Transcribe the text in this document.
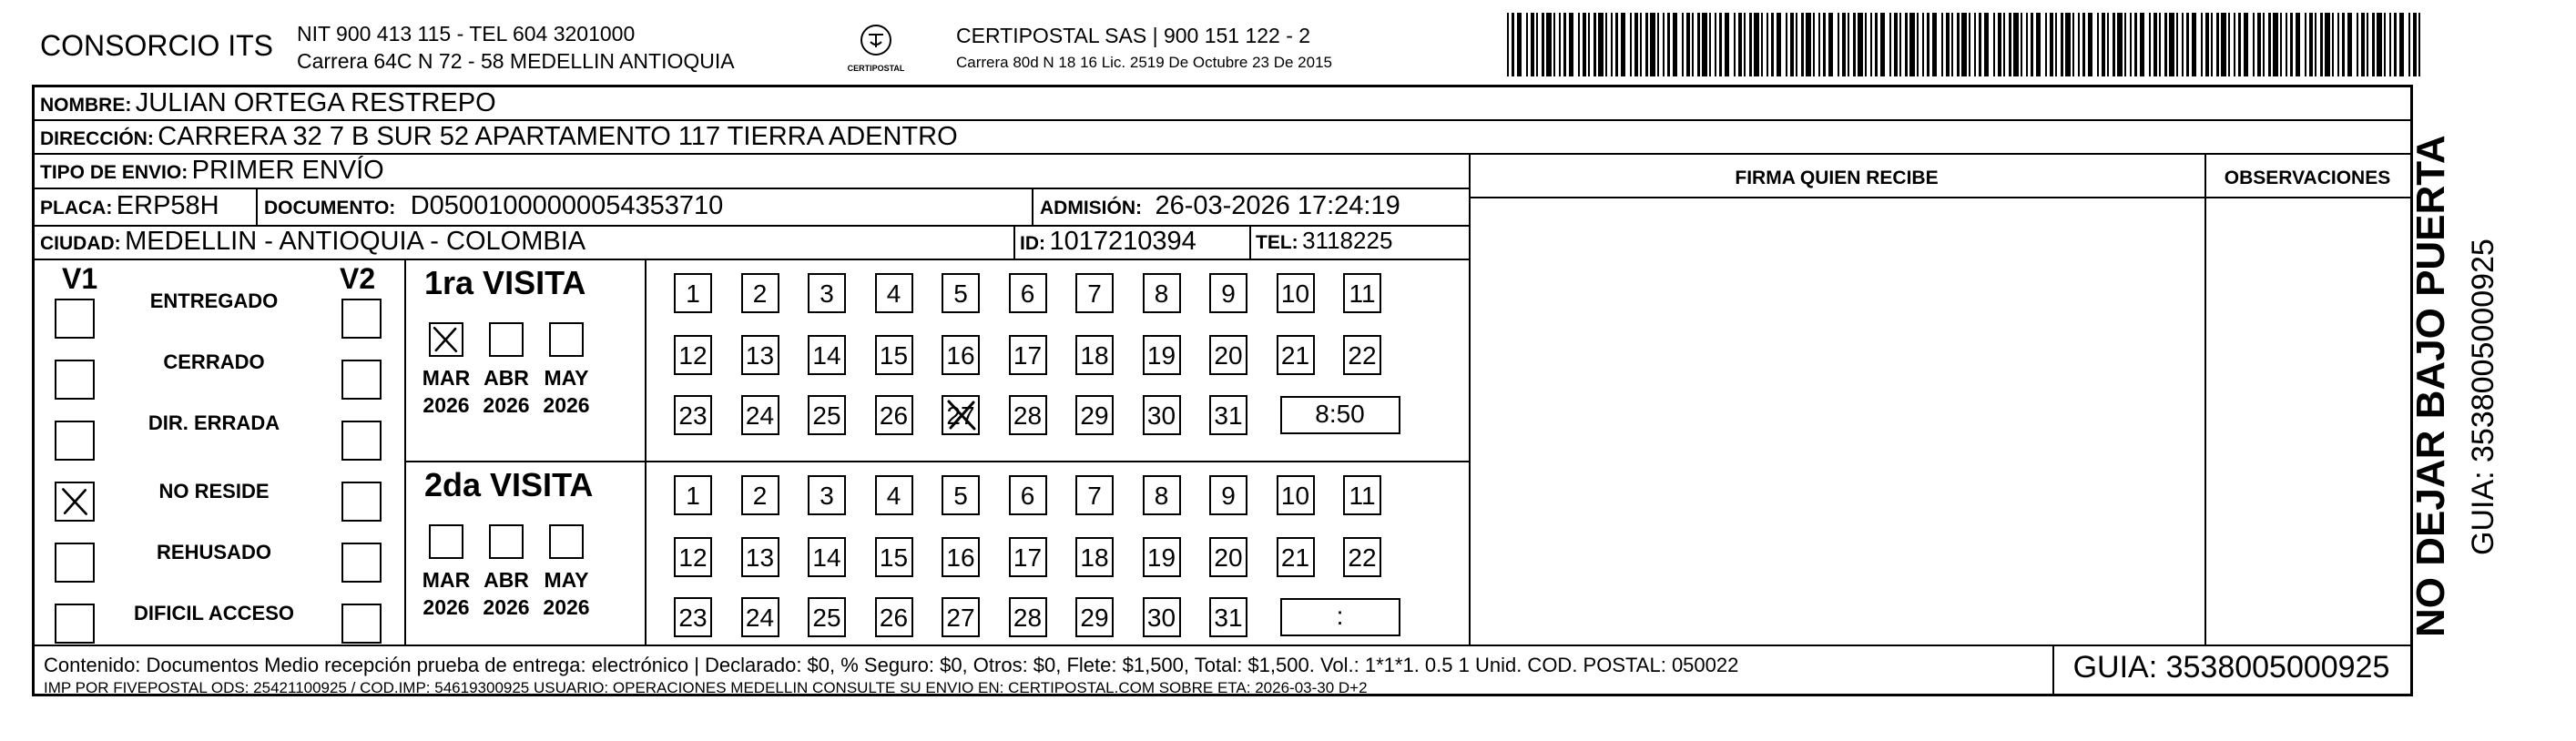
CONSORCIO ITS NIT 900 413 115 - TEL 604 3201000
Carrera 64C N 72 - 58 MEDELLIN ANTIOQUIA	CERTIPOSTAL
CERTIPOSTAL SAS | 900 151 122 - 2
Carrera 80d N 18 16 Lic. 2519 De Octubre 23 De 2015
NOMBRE: JULIAN ORTEGA RESTREPO
DIRECCIÓN: CARRERA 32 7 B SUR 52 APARTAMENTO 117 TIERRA ADENTRO
TIPO DE ENVIO: PRIMER ENVÍO
PLACA: ERP58H DOCUMENTO: D0500100000005435371​0	ADMISIÓN: 26-03-2026 17:24:19
CIUDAD: MEDELLIN - ANTIOQUIA - COLOMBIA	ID: 1017210394	TEL: 3118225
FIRMA QUIEN RECIBE	OBSERVACIONES
V1	V2
ENTREGADO
CERRADO
DIR. ERRADA
NO RESIDE
REHUSADO
DIFICIL ACCESO
1ra VISITA
MAR
2026
ABR
2026
MAY
2026
1	2	3	4	5	6	7	8	9	10 11
12 13 14 15 16 17 18 19 20 21 22
23 24 25 26 27 28 29 30 31	8:50
2da VISITA
MAR
2026
ABR
2026
MAY
2026
1	2	3	4	5	6	7	8	9	10 11
12 13 14 15 16 17 18 19 20 21 22
23 24 25 26 27 28 29 30 31	:
Contenido: Documentos Medio recepción prueba de entrega: electrónico | Declarado: $0, % Seguro: $0, Otros: $0, Flete: $1,500, Total: $1,500. Vol.: 1*1*1. 0.5 1 Unid. COD. POSTAL: 050022
IMP POR FIVEPOSTAL ODS: 25421100925 / COD.IMP: 54619300925 USUARIO: OPERACIONES MEDELLIN CONSULTE SU ENVIO EN: CERTIPOSTAL.COM SOBRE ETA: 2026-03-30 D+2
GUIA: 3538005000925
NO DEJAR BAJO PUERTA GUIA: 3538005000925
